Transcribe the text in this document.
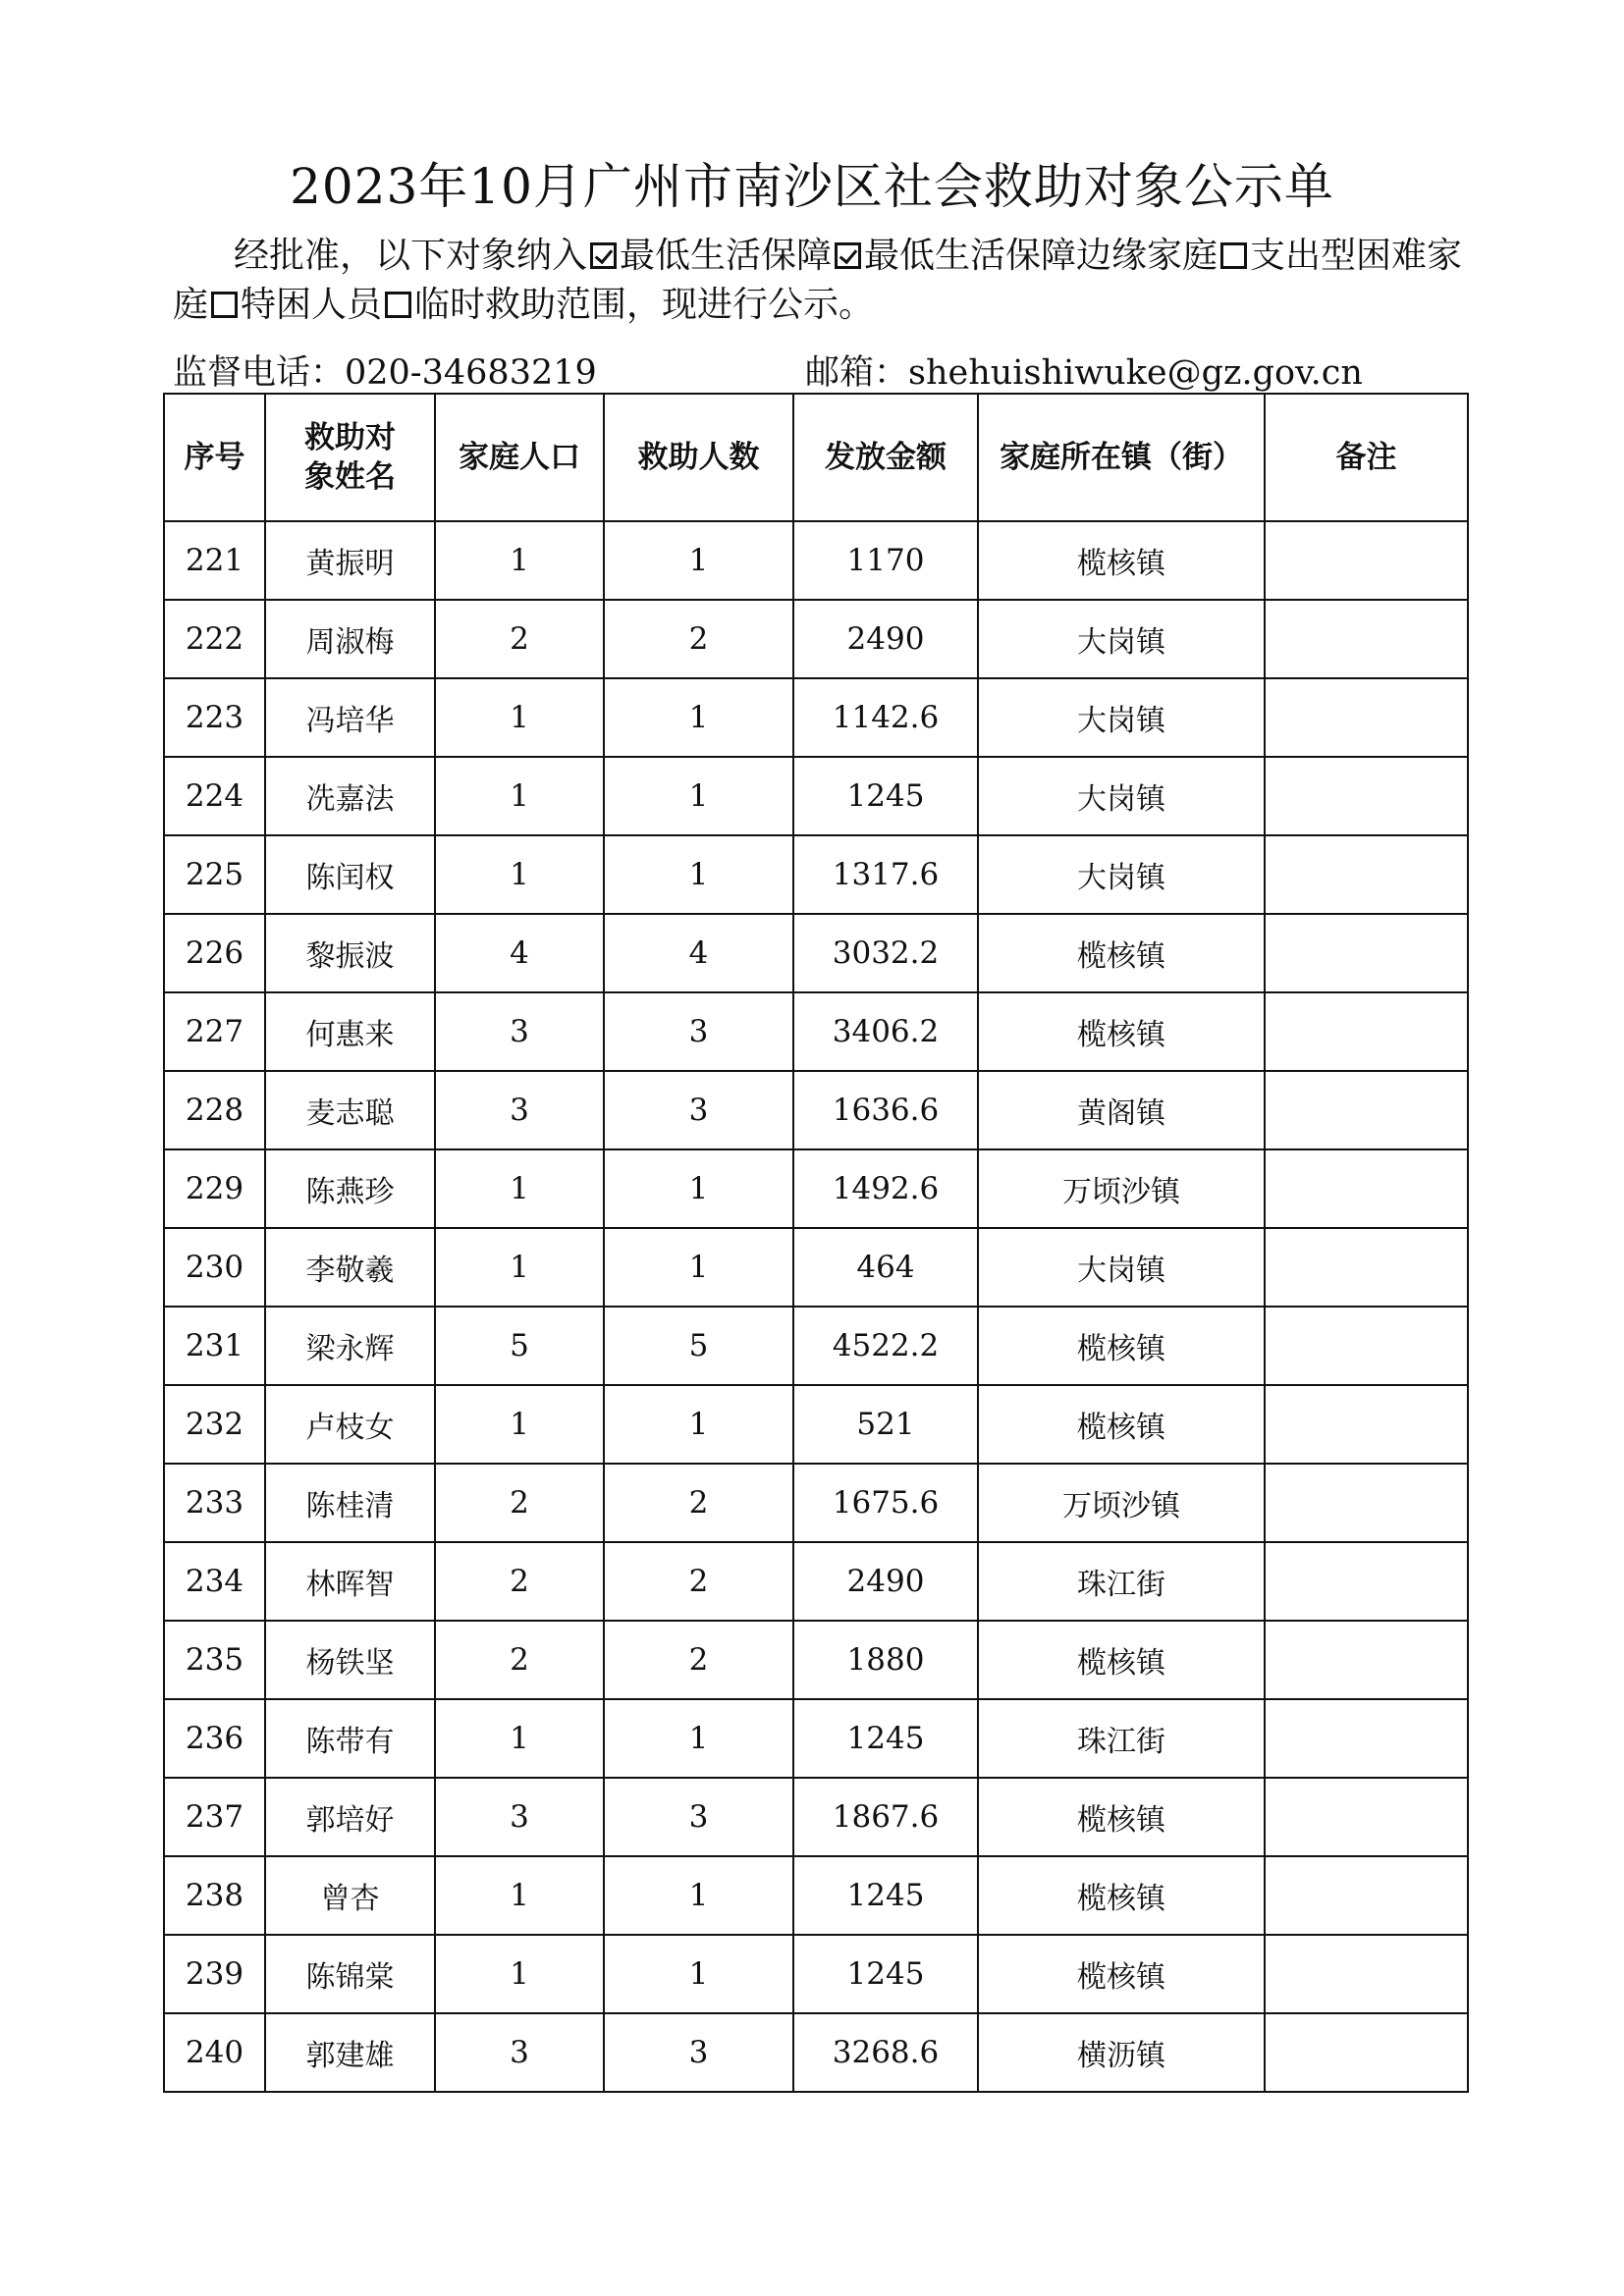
2023年10月广州市南沙区社会救助对象公示单
经批准，以下对象纳入 最低生活保障 最低生活保障边缘家庭 支出型困难家庭 特困人员 临时救助范围，现进行公示。
监督电话：020-34683219	邮箱：shehuishiwuke@gz.gov.cn
序号	救助对象姓名	家庭人口	救助人数	发放金额	家庭所在镇（街）	备注
221	黄振明	1	1	1170	榄核镇	
222	周淑梅	2	2	2490	大岗镇	
223	冯培华	1	1	1142.6	大岗镇	
224	冼嘉法	1	1	1245	大岗镇	
225	陈闰权	1	1	1317.6	大岗镇	
226	黎振波	4	4	3032.2	榄核镇	
227	何惠来	3	3	3406.2	榄核镇	
228	麦志聪	3	3	1636.6	黄阁镇	
229	陈燕珍	1	1	1492.6	万顷沙镇	
230	李敬羲	1	1	464	大岗镇	
231	梁永辉	5	5	4522.2	榄核镇	
232	卢枝女	1	1	521	榄核镇	
233	陈桂清	2	2	1675.6	万顷沙镇	
234	林晖智	2	2	2490	珠江街	
235	杨铁坚	2	2	1880	榄核镇	
236	陈带有	1	1	1245	珠江街	
237	郭培好	3	3	1867.6	榄核镇	
238	曾杏	1	1	1245	榄核镇	
239	陈锦棠	1	1	1245	榄核镇	
240	郭建雄	3	3	3268.6	横沥镇	
